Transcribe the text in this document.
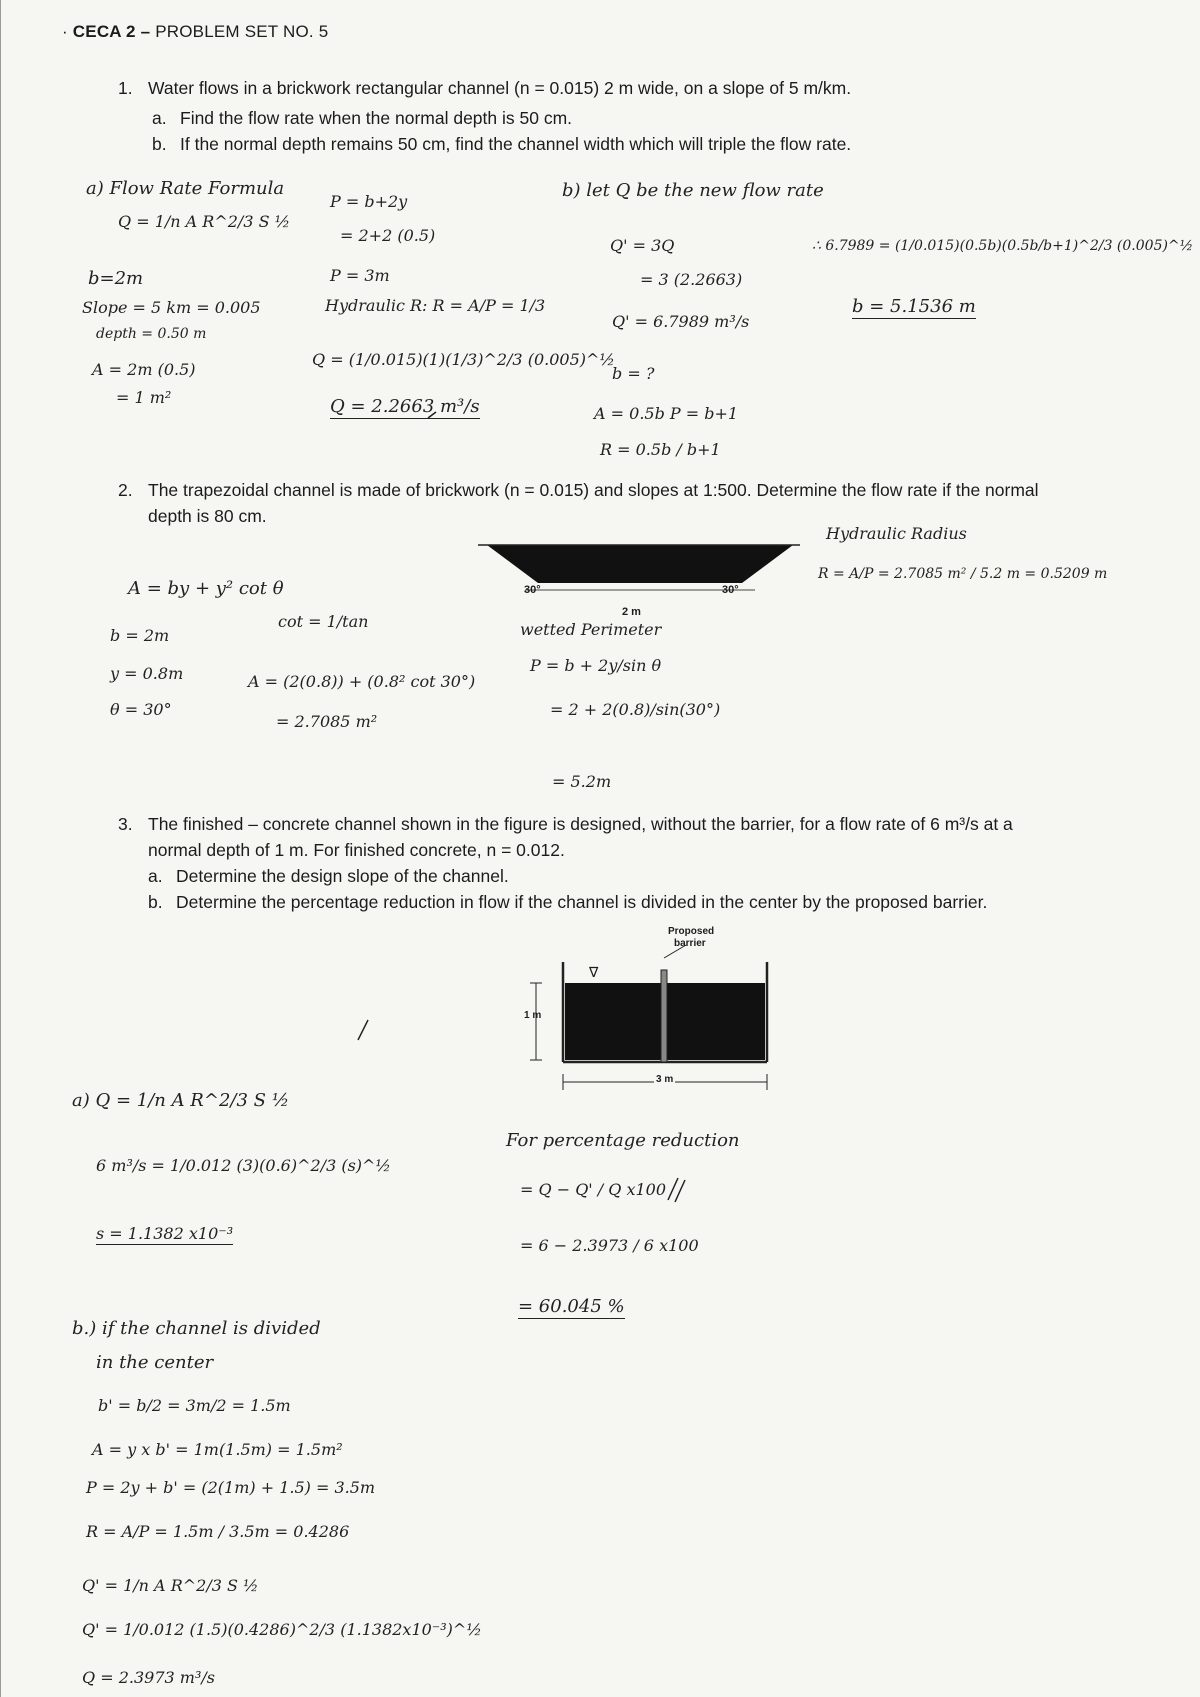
· CECA 2 – PROBLEM SET NO. 5
1. Water flows in a brickwork rectangular channel (n = 0.015) 2 m wide, on a slope of 5 m/km.
a. Find the flow rate when the normal depth is 50 cm.
b. If the normal depth remains 50 cm, find the channel width which will triple the flow rate.
a) Flow Rate Formula
Q = 1/n A R^2/3 S ½
b=2m
Slope = 5 km = 0.005
depth = 0.50 m
A = 2m (0.5)
= 1 m²
P = b+2y
= 2+2 (0.5)
P = 3m
Hydraulic R: R = A/P = 1/3
Q = (1/0.015)(1)(1/3)^2/3 (0.005)^½
Q = 2.2663 m³/s
b) let Q be the new flow rate
Q' = 3Q
= 3 (2.2663)
Q' = 6.7989 m³/s
b = ?
A = 0.5b P = b+1
R = 0.5b / b+1
∴ 6.7989 = (1/0.015)(0.5b)(0.5b/b+1)^2/3 (0.005)^½
b = 5.1536 m
2. The trapezoidal channel is made of brickwork (n = 0.015) and slopes at 1:500. Determine the flow rate if the normal
depth is 80 cm.
30°	30°
2 m
A = by + y² cot θ
b = 2m
y = 0.8m
θ = 30°
cot = 1/tan
A = (2(0.8)) + (0.8² cot 30°)
= 2.7085 m²
wetted Perimeter
P = b + 2y/sin θ
= 2 + 2(0.8)/sin(30°)
= 5.2m
Hydraulic Radius
R = A/P = 2.7085 m² / 5.2 m = 0.5209 m
3. The finished – concrete channel shown in the figure is designed, without the barrier, for a flow rate of 6 m³/s at a
normal depth of 1 m. For finished concrete, n = 0.012.
a. Determine the design slope of the channel.
b. Determine the percentage reduction in flow if the channel is divided in the center by the proposed barrier.
Proposed
barrier
∇
1 m
3 m
a) Q = 1/n A R^2/3 S ½
6 m³/s = 1/0.012 (3)(0.6)^2/3 (s)^½
s = 1.1382 x10⁻³
b.) if the channel is divided
in the center
b' = b/2 = 3m/2 = 1.5m
A = y x b' = 1m(1.5m) = 1.5m²
P = 2y + b' = (2(1m) + 1.5) = 3.5m
R = A/P = 1.5m / 3.5m = 0.4286
Q' = 1/n A R^2/3 S ½
Q' = 1/0.012 (1.5)(0.4286)^2/3 (1.1382x10⁻³)^½
Q = 2.3973 m³/s
For percentage reduction
= Q − Q' / Q x100
= 6 − 2.3973 / 6 x100
= 60.045 %
